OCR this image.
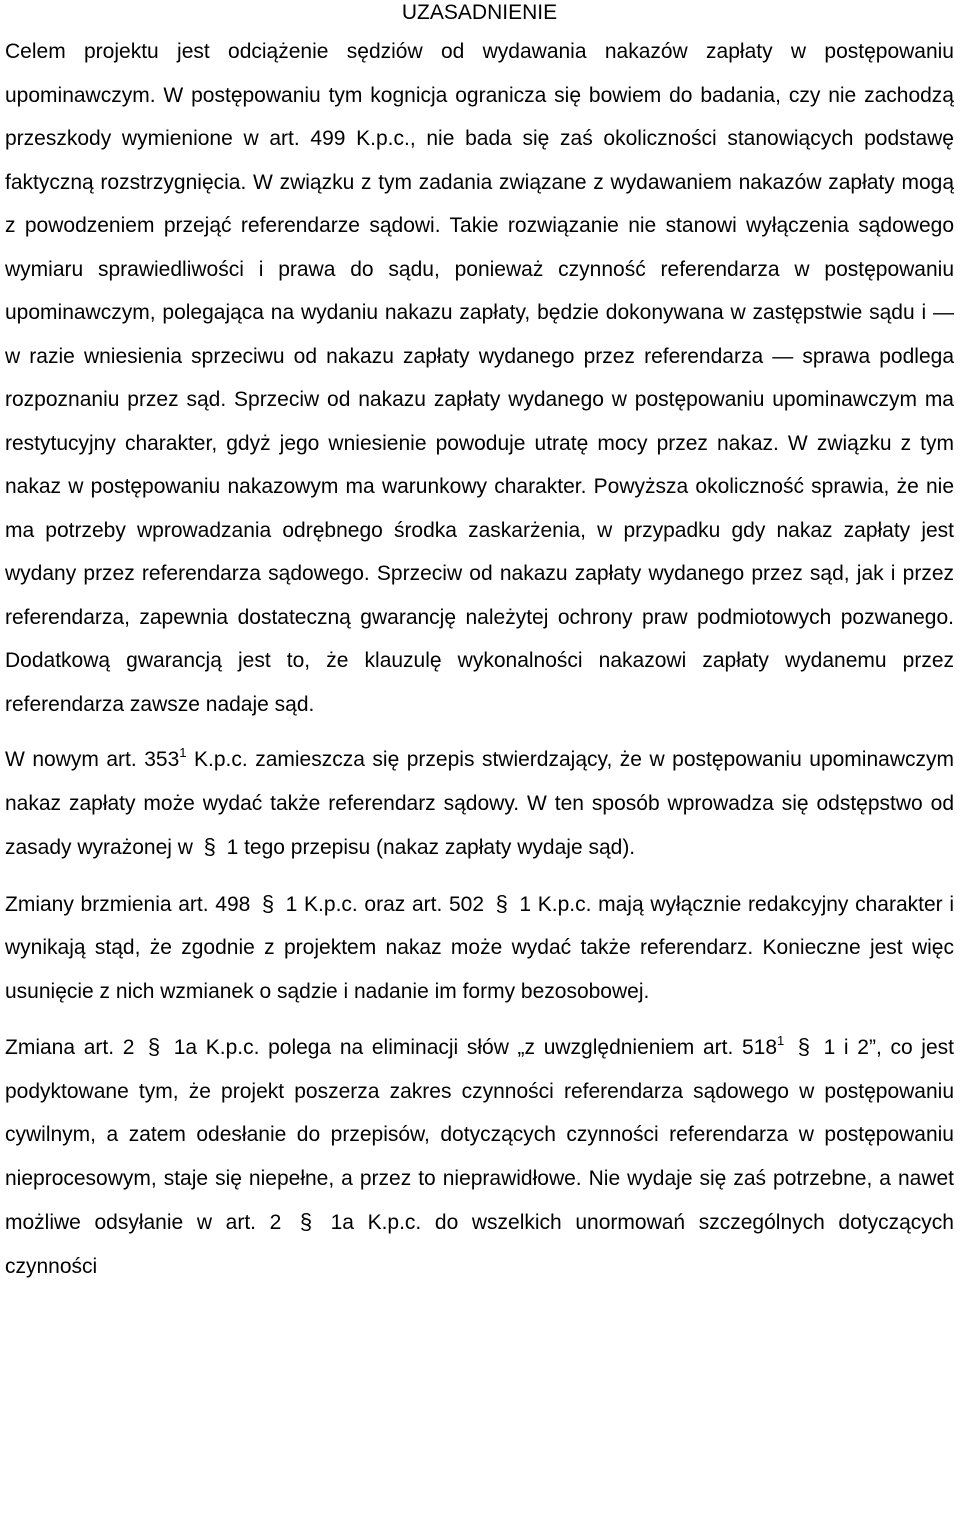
UZASADNIENIE

Celem projektu jest odciążenie sędziów od wydawania nakazów zapłaty w postępowaniu upominawczym. W postępowaniu tym kognicja ogranicza się bowiem do badania, czy nie zachodzą przeszkody wymienione w art. 499 K.p.c., nie bada się zaś okoliczności stanowiących podstawę faktyczną rozstrzygnięcia. W związku z tym zadania związane z wydawaniem nakazów zapłaty mogą z powodzeniem przejąć referendarze sądowi. Takie rozwiązanie nie stanowi wyłączenia sądowego wymiaru sprawiedliwości i prawa do sądu, ponieważ czynność referendarza w postępowaniu upominawczym, polegająca na wydaniu nakazu zapłaty, będzie dokonywana w zastępstwie sądu i — w razie wniesienia sprzeciwu od nakazu zapłaty wydanego przez referendarza — sprawa podlega rozpoznaniu przez sąd. Sprzeciw od nakazu zapłaty wydanego w postępowaniu upominawczym ma restytucyjny charakter, gdyż jego wniesienie powoduje utratę mocy przez nakaz. W związku z tym nakaz w postępowaniu nakazowym ma warunkowy charakter. Powyższa okoliczność sprawia, że nie ma potrzeby wprowadzania odrębnego środka zaskarżenia, w przypadku gdy nakaz zapłaty jest wydany przez referendarza sądowego. Sprzeciw od nakazu zapłaty wydanego przez sąd, jak i przez referendarza, zapewnia dostateczną gwarancję należytej ochrony praw podmiotowych pozwanego. Dodatkową gwarancją jest to, że klauzulę wykonalności nakazowi zapłaty wydanemu przez referendarza zawsze nadaje sąd.

W nowym art. $353^1$ K.p.c. zamieszcza się przepis stwierdzający, że w postępowaniu upominawczym nakaz zapłaty może wydać także referendarz sądowy. W ten sposób wprowadza się odstępstwo od zasady wyrażonej w § 1 tego przepisu (nakaz zapłaty wydaje sąd).

Zmiany brzmienia art. 498 § 1 K.p.c. oraz art. 502 § 1 K.p.c. mają wyłącznie redakcyjny charakter i wynikają stąd, że zgodnie z projektem nakaz może wydać także referendarz. Konieczne jest więc usunięcie z nich wzmianek o sądzie i nadanie im formy bezosobowej.

Zmiana art. 2 § 1a K.p.c. polega na eliminacji słów „z uwzględnieniem art. $518^1$ § 1 i 2”, co jest podyktowane tym, że projekt poszerza zakres czynności referendarza sądowego w postępowaniu cywilnym, a zatem odesłanie do przepisów, dotyczących czynności referendarza w postępowaniu nieprocesowym, staje się niepełne, a przez to nieprawidłowe. Nie wydaje się zaś potrzebne, a nawet możliwe odsyłanie w art. 2 § 1a K.p.c. do wszelkich unormowań szczególnych dotyczących czynności
